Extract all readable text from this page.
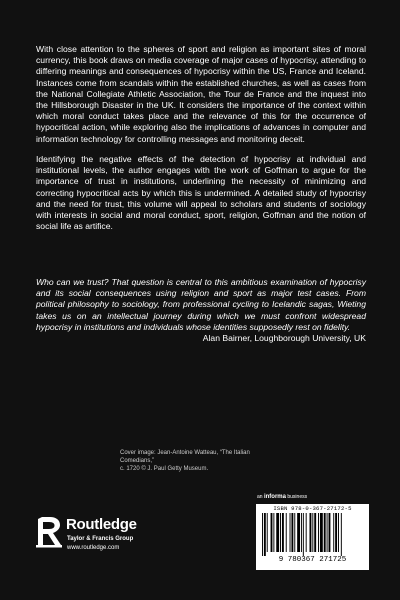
With close attention to the spheres of sport and religion as important sites of moral currency, this book draws on media coverage of major cases of hypocrisy, attending to differing meanings and consequences of hypocrisy within the US, France and Iceland. Instances come from scandals within the established churches, as well as cases from the National Collegiate Athletic Association, the Tour de France and the inquest into the Hillsborough Disaster in the UK. It considers the importance of the context within which moral conduct takes place and the relevance of this for the occurrence of hypocritical action, while exploring also the implications of advances in computer and information technology for controlling messages and monitoring deceit.

Identifying the negative effects of the detection of hypocrisy at individual and institutional levels, the author engages with the work of Goffman to argue for the importance of trust in institutions, underlining the necessity of minimizing and correcting hypocritical acts by which this is undermined. A detailed study of hypocrisy and the need for trust, this volume will appeal to scholars and students of sociology with interests in social and moral conduct, sport, religion, Goffman and the notion of social life as artifice.

Who can we trust? That question is central to this ambitious examination of hypocrisy and its social consequences using religion and sport as major test cases. From political philosophy to sociology, from professional cycling to Icelandic sagas, Wieting takes us on an intellectual journey during which we must confront widespread hypocrisy in institutions and individuals whose identities supposedly rest on fidelity.

Alan Bairner, Loughborough University, UK

Cover image: Jean-Antoine Watteau, “The Italian Comedians,”
c. 1720 © J. Paul Getty Museum.
Routledge
Taylor & Francis Group
www.routledge.com
an informa business
ISBN 978-0-367-27172-5
9 780367 271725
